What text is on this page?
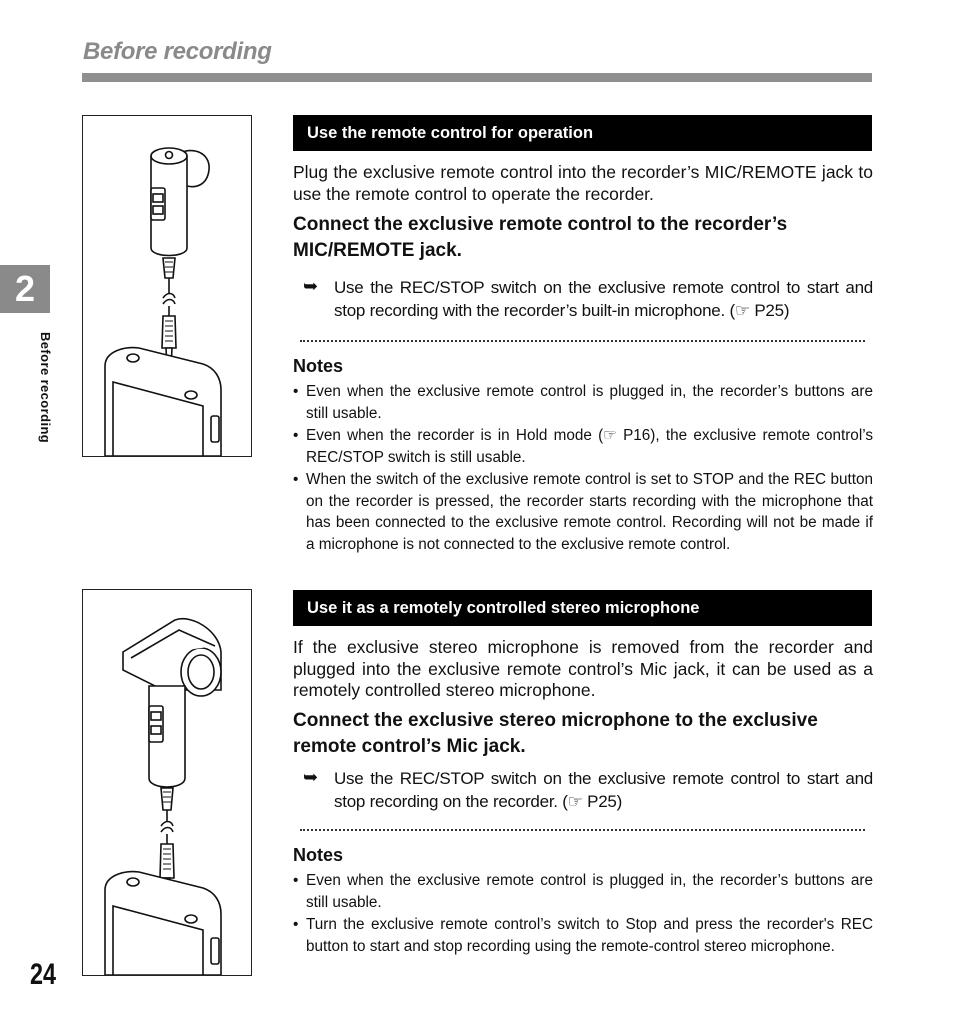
Before recording
2
Before recording
24
Use the remote control for operation
Plug the exclusive remote control into the recorder’s MIC/REMOTE jack to use the remote control to operate the recorder.
Connect the exclusive remote control to the recorder’s MIC/REMOTE jack.
➥ Use the REC/STOP switch on the exclusive remote control to start and stop recording with the recorder’s built-in microphone. (☞ P25)
Notes
• Even when the exclusive remote control is plugged in, the recorder’s buttons are still usable.
• Even when the recorder is in Hold mode (☞ P16), the exclusive remote control’s REC/STOP switch is still usable.
• When the switch of the exclusive remote control is set to STOP and the REC button on the recorder is pressed, the recorder starts recording with the microphone that has been connected to the exclusive remote control. Recording will not be made if a microphone is not connected to the exclusive remote control.
Use it as a remotely controlled stereo microphone
If the exclusive stereo microphone is removed from the recorder and plugged into the exclusive remote control’s Mic jack, it can be used as a remotely controlled stereo microphone.
Connect the exclusive stereo microphone to the exclusive remote control’s Mic jack.
➥ Use the REC/STOP switch on the exclusive remote control to start and stop recording on the recorder. (☞ P25)
Notes
• Even when the exclusive remote control is plugged in, the recorder’s buttons are still usable.
• Turn the exclusive remote control’s switch to Stop and press the recorder's REC button to start and stop recording using the remote-control stereo microphone.
